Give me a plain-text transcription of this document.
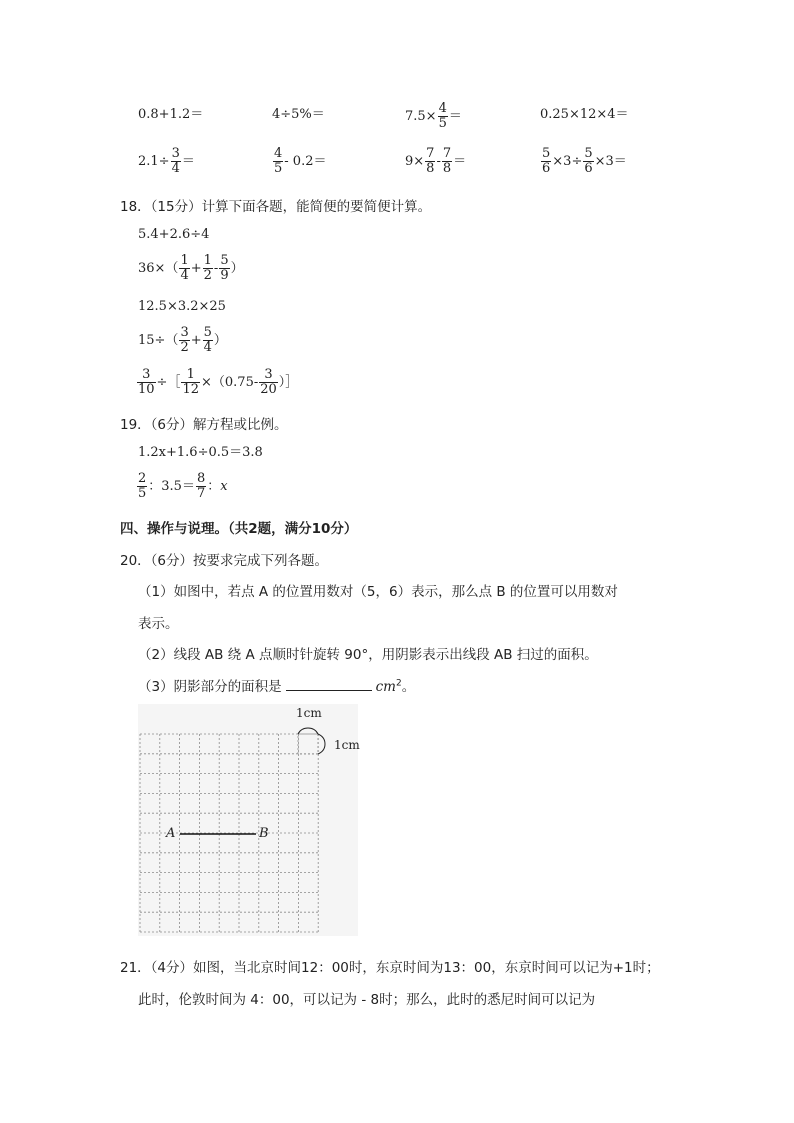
0.8+1.2＝	4÷5%＝	$7.5\times \frac{4}{5}$ ＝	0.25×12×4＝
$2.1\div \frac{3}{4}$ ＝	$\frac{4}{5} - 0.2=$	$9\times \frac{7}{8} - \frac{7}{8}$ ＝	$\frac{5}{6} \times 3\div \frac{5}{6} \times 3=$
18．（15分）计算下面各题，能简便的要简便计算。
5.4+2.6÷4
$36\times( \frac{1}{4} + \frac{1}{2} - \frac{5}{9}$ ）
12.5×3.2×25
$15\div( \frac{3}{2} + \frac{5}{4}$ ）
$\frac{3}{10}$ ÷［ $\frac{1}{12} \times(0.75- \frac{3}{20}$ ）］
19．（6分）解方程或比例。
1.2x+1.6÷0.5＝3.8
$\frac{2}{5}$ ：$3.5= \frac{8}{7}$ ： x
四、操作与说理。（共2题，满分10分）
20．（6分）按要求完成下列各题。
（1）如图中，若点 A 的位置用数对（5，6）表示，那么点 B 的位置可以用数对
表示。
（2）线段 AB 绕 A 点顺时针旋转 90°，用阴影表示出线段 AB 扫过的面积。
（3）阴影部分的面积是	$cm^2$。
A	B
1cm
1cm
21．（4分）如图，当北京时间12：00时，东京时间为13：00，东京时间可以记为+1时；
此时，伦敦时间为 4：00，可以记为 - 8时；那么，此时的悉尼时间可以记为
